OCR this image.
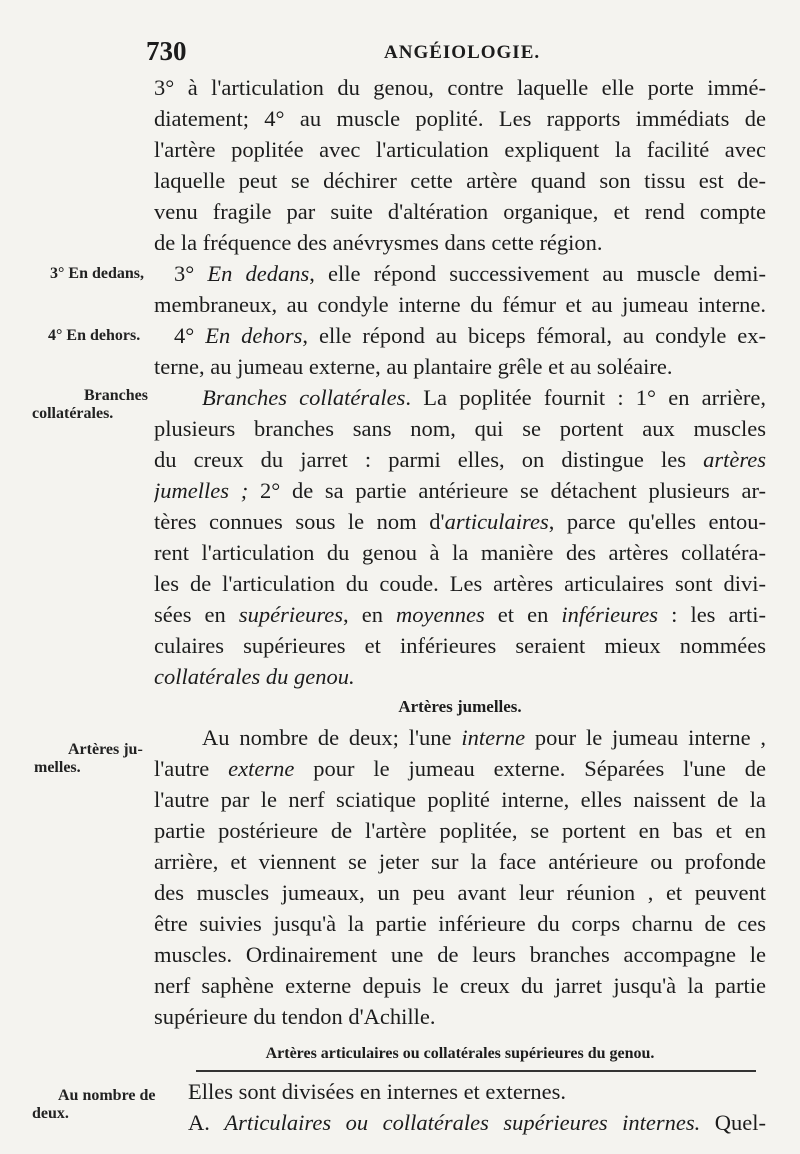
730	ANGÉIOLOGIE.
3° En dedans,
4° En dehors.
Branches
collatérales.
Artères ju-
melles.
Au nombre de
deux.
3° à l'articulation du genou, contre laquelle elle porte immé-
diatement; 4° au muscle poplité. Les rapports immédiats de
l'artère poplitée avec l'articulation expliquent la facilité avec
laquelle peut se déchirer cette artère quand son tissu est de-
venu fragile par suite d'altération organique, et rend compte
de la fréquence des anévrysmes dans cette région.
3° En dedans, elle répond successivement au muscle demi-
membraneux, au condyle interne du fémur et au jumeau interne.
4° En dehors, elle répond au biceps fémoral, au condyle ex-
terne, au jumeau externe, au plantaire grêle et au soléaire.
Branches collatérales. La poplitée fournit : 1° en arrière,
plusieurs branches sans nom, qui se portent aux muscles
du creux du jarret : parmi elles, on distingue les artères
jumelles ; 2° de sa partie antérieure se détachent plusieurs ar-
tères connues sous le nom d'articulaires, parce qu'elles entou-
rent l'articulation du genou à la manière des artères collatéra-
les de l'articulation du coude. Les artères articulaires sont divi-
sées en supérieures, en moyennes et en inférieures : les arti-
culaires supérieures et inférieures seraient mieux nommées
collatérales du genou.
Artères jumelles.
Au nombre de deux; l'une interne pour le jumeau interne ,
l'autre externe pour le jumeau externe. Séparées l'une de
l'autre par le nerf sciatique poplité interne, elles naissent de la
partie postérieure de l'artère poplitée, se portent en bas et en
arrière, et viennent se jeter sur la face antérieure ou profonde
des muscles jumeaux, un peu avant leur réunion , et peuvent
être suivies jusqu'à la partie inférieure du corps charnu de ces
muscles. Ordinairement une de leurs branches accompagne le
nerf saphène externe depuis le creux du jarret jusqu'à la partie
supérieure du tendon d'Achille.
Artères articulaires ou collatérales supérieures du genou.
Elles sont divisées en internes et externes.
A. Articulaires ou collatérales supérieures internes. Quel-
